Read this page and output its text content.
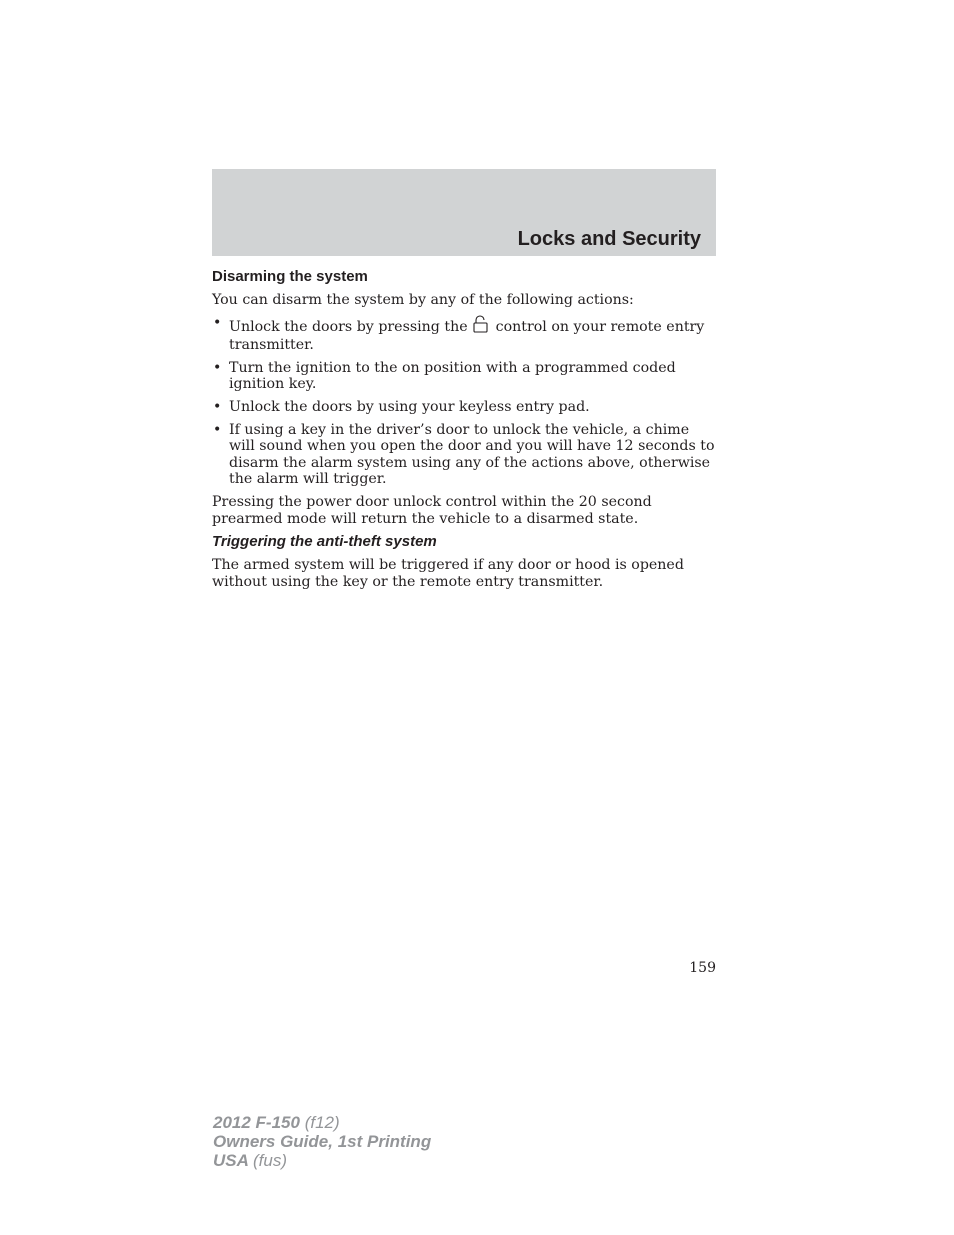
Locks and Security
Disarming the system

You can disarm the system by any of the following actions:

• Unlock the doors by pressing the control on your remote entry transmitter.
• Turn the ignition to the on position with a programmed coded ignition key.
• Unlock the doors by using your keyless entry pad.
• If using a key in the driver’s door to unlock the vehicle, a chime will sound when you open the door and you will have 12 seconds to disarm the alarm system using any of the actions above, otherwise the alarm will trigger.

Pressing the power door unlock control within the 20 second prearmed mode will return the vehicle to a disarmed state.

Triggering the anti-theft system

The armed system will be triggered if any door or hood is opened without using the key or the remote entry transmitter.

159
2012 F-150 (f12)
Owners Guide, 1st Printing
USA (fus)
